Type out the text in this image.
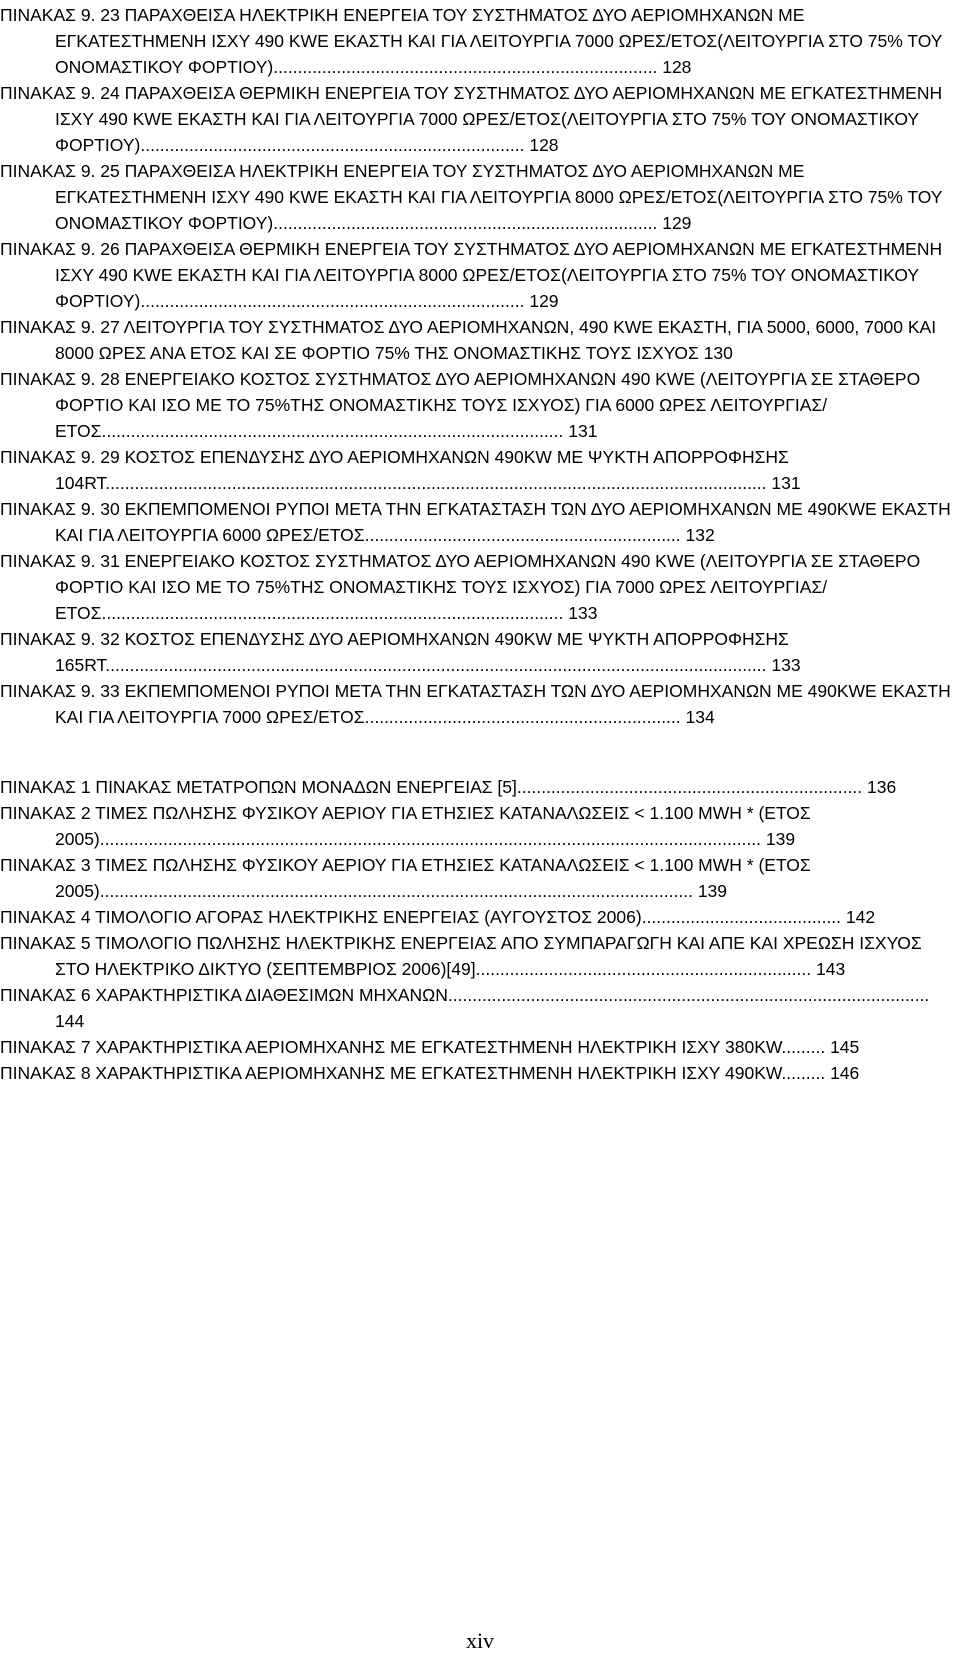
ΠΙΝΑΚΑΣ 9. 23 ΠΑΡΑΧΘΕΙΣΑ ΗΛΕΚΤΡΙΚΗ ΕΝΕΡΓΕΙΑ ΤΟΥ ΣΥΣΤΗΜΑΤΟΣ ΔΥΟ ΑΕΡΙΟΜΗΧΑΝΩΝ ΜΕ ΕΓΚΑΤΕΣΤΗΜΕΝΗ ΙΣΧΥ 490 KWE ΕΚΑΣΤΗ ΚΑΙ ΓΙΑ ΛΕΙΤΟΥΡΓΙΑ 7000 ΩΡΕΣ/ΕΤΟΣ(ΛΕΙΤΟΥΡΓΙΑ ΣΤΟ 75% ΤΟΥ ΟΝΟΜΑΣΤΙΚΟΥ ΦΟΡΤΙΟΥ)............................................................................... 128
ΠΙΝΑΚΑΣ 9. 24 ΠΑΡΑΧΘΕΙΣΑ ΘΕΡΜΙΚΗ ΕΝΕΡΓΕΙΑ ΤΟΥ ΣΥΣΤΗΜΑΤΟΣ ΔΥΟ ΑΕΡΙΟΜΗΧΑΝΩΝ ΜΕ ΕΓΚΑΤΕΣΤΗΜΕΝΗ ΙΣΧΥ 490 KWE ΕΚΑΣΤΗ ΚΑΙ ΓΙΑ ΛΕΙΤΟΥΡΓΙΑ 7000 ΩΡΕΣ/ΕΤΟΣ(ΛΕΙΤΟΥΡΓΙΑ ΣΤΟ 75% ΤΟΥ ΟΝΟΜΑΣΤΙΚΟΥ ΦΟΡΤΙΟΥ)............................................................................... 128
ΠΙΝΑΚΑΣ 9. 25 ΠΑΡΑΧΘΕΙΣΑ ΗΛΕΚΤΡΙΚΗ ΕΝΕΡΓΕΙΑ ΤΟΥ ΣΥΣΤΗΜΑΤΟΣ ΔΥΟ ΑΕΡΙΟΜΗΧΑΝΩΝ ΜΕ ΕΓΚΑΤΕΣΤΗΜΕΝΗ ΙΣΧΥ 490 KWE ΕΚΑΣΤΗ ΚΑΙ ΓΙΑ ΛΕΙΤΟΥΡΓΙΑ 8000 ΩΡΕΣ/ΕΤΟΣ(ΛΕΙΤΟΥΡΓΙΑ ΣΤΟ 75% ΤΟΥ ΟΝΟΜΑΣΤΙΚΟΥ ΦΟΡΤΙΟΥ)............................................................................... 129
ΠΙΝΑΚΑΣ 9. 26 ΠΑΡΑΧΘΕΙΣΑ ΘΕΡΜΙΚΗ ΕΝΕΡΓΕΙΑ ΤΟΥ ΣΥΣΤΗΜΑΤΟΣ ΔΥΟ ΑΕΡΙΟΜΗΧΑΝΩΝ ΜΕ ΕΓΚΑΤΕΣΤΗΜΕΝΗ ΙΣΧΥ 490 KWE ΕΚΑΣΤΗ ΚΑΙ ΓΙΑ ΛΕΙΤΟΥΡΓΙΑ 8000 ΩΡΕΣ/ΕΤΟΣ(ΛΕΙΤΟΥΡΓΙΑ ΣΤΟ 75% ΤΟΥ ΟΝΟΜΑΣΤΙΚΟΥ ΦΟΡΤΙΟΥ)............................................................................... 129
ΠΙΝΑΚΑΣ 9. 27 ΛΕΙΤΟΥΡΓΙΑ ΤΟΥ ΣΥΣΤΗΜΑΤΟΣ ΔΥΟ ΑΕΡΙΟΜΗΧΑΝΩΝ, 490 KWE ΕΚΑΣΤΗ, ΓΙΑ 5000, 6000, 7000 ΚΑΙ 8000 ΩΡΕΣ ΑΝΑ ΕΤΟΣ ΚΑΙ ΣΕ ΦΟΡΤΙΟ 75% ΤΗΣ ΟΝΟΜΑΣΤΙΚΗΣ ΤΟΥΣ ΙΣΧΥΟΣ 130
ΠΙΝΑΚΑΣ 9. 28 ΕΝΕΡΓΕΙΑΚΟ ΚΟΣΤΟΣ ΣΥΣΤΗΜΑΤΟΣ ΔΥΟ ΑΕΡΙΟΜΗΧΑΝΩΝ 490 KWE (ΛΕΙΤΟΥΡΓΙΑ ΣΕ ΣΤΑΘΕΡΟ ΦΟΡΤΙΟ ΚΑΙ ΙΣΟ ΜΕ ΤΟ 75%ΤΗΣ ΟΝΟΜΑΣΤΙΚΗΣ ΤΟΥΣ ΙΣΧΥΟΣ) ΓΙΑ 6000 ΩΡΕΣ ΛΕΙΤΟΥΡΓΙΑΣ/ΕΤΟΣ............................................................................................... 131
ΠΙΝΑΚΑΣ 9. 29 ΚΟΣΤΟΣ ΕΠΕΝΔΥΣΗΣ ΔΥΟ ΑΕΡΙΟΜΗΧΑΝΩΝ 490KW ΜΕ ΨΥΚΤΗ ΑΠΟΡΡΟΦΗΣΗΣ 104RT........................................................................................................................................ 131
ΠΙΝΑΚΑΣ 9. 30 ΕΚΠΕΜΠΟΜΕΝΟΙ ΡΥΠΟΙ ΜΕΤΑ ΤΗΝ ΕΓΚΑΤΑΣΤΑΣΗ ΤΩΝ ΔΥΟ ΑΕΡΙΟΜΗΧΑΝΩΝ ΜΕ 490KWE ΕΚΑΣΤΗ ΚΑΙ ΓΙΑ ΛΕΙΤΟΥΡΓΙΑ 6000 ΩΡΕΣ/ΕΤΟΣ................................................................. 132
ΠΙΝΑΚΑΣ 9. 31 ΕΝΕΡΓΕΙΑΚΟ ΚΟΣΤΟΣ ΣΥΣΤΗΜΑΤΟΣ ΔΥΟ ΑΕΡΙΟΜΗΧΑΝΩΝ 490 KWE (ΛΕΙΤΟΥΡΓΙΑ ΣΕ ΣΤΑΘΕΡΟ ΦΟΡΤΙΟ ΚΑΙ ΙΣΟ ΜΕ ΤΟ 75%ΤΗΣ ΟΝΟΜΑΣΤΙΚΗΣ ΤΟΥΣ ΙΣΧΥΟΣ) ΓΙΑ 7000 ΩΡΕΣ ΛΕΙΤΟΥΡΓΙΑΣ/ΕΤΟΣ............................................................................................... 133
ΠΙΝΑΚΑΣ 9. 32 ΚΟΣΤΟΣ ΕΠΕΝΔΥΣΗΣ ΔΥΟ ΑΕΡΙΟΜΗΧΑΝΩΝ 490KW ΜΕ ΨΥΚΤΗ ΑΠΟΡΡΟΦΗΣΗΣ 165RT........................................................................................................................................ 133
ΠΙΝΑΚΑΣ 9. 33 ΕΚΠΕΜΠΟΜΕΝΟΙ ΡΥΠΟΙ ΜΕΤΑ ΤΗΝ ΕΓΚΑΤΑΣΤΑΣΗ ΤΩΝ ΔΥΟ ΑΕΡΙΟΜΗΧΑΝΩΝ ΜΕ 490KWE ΕΚΑΣΤΗ ΚΑΙ ΓΙΑ ΛΕΙΤΟΥΡΓΙΑ 7000 ΩΡΕΣ/ΕΤΟΣ................................................................. 134
ΠΙΝΑΚΑΣ 1 ΠΙΝΑΚΑΣ ΜΕΤΑΤΡΟΠΩΝ ΜΟΝΑΔΩΝ ΕΝΕΡΓΕΙΑΣ [5]....................................................................... 136
ΠΙΝΑΚΑΣ 2 ΤΙΜΕΣ ΠΩΛΗΣΗΣ ΦΥΣΙΚΟΥ ΑΕΡΙΟΥ ΓΙΑ ΕΤΗΣΙΕΣ ΚΑΤΑΝΑΛΩΣΕΙΣ < 1.100 MWH * (ΕΤΟΣ 2005)........................................................................................................................................ 139
ΠΙΝΑΚΑΣ 3 ΤΙΜΕΣ ΠΩΛΗΣΗΣ ΦΥΣΙΚΟΥ ΑΕΡΙΟΥ ΓΙΑ ΕΤΗΣΙΕΣ ΚΑΤΑΝΑΛΩΣΕΙΣ < 1.100 MWH * (ΕΤΟΣ 2005).......................................................................................................................... 139
ΠΙΝΑΚΑΣ 4 ΤΙΜΟΛΟΓΙΟ ΑΓΟΡΑΣ ΗΛΕΚΤΡΙΚΗΣ ΕΝΕΡΓΕΙΑΣ (ΑΥΓΟΥΣΤΟΣ 2006)......................................... 142
ΠΙΝΑΚΑΣ 5 ΤΙΜΟΛΟΓΙΟ ΠΩΛΗΣΗΣ ΗΛΕΚΤΡΙΚΗΣ ΕΝΕΡΓΕΙΑΣ ΑΠΟ ΣΥΜΠΑΡΑΓΩΓΗ ΚΑΙ ΑΠΕ ΚΑΙ ΧΡΕΩΣΗ ΙΣΧΥΟΣ ΣΤΟ ΗΛΕΚΤΡΙΚΟ ΔΙΚΤΥΟ (ΣΕΠΤΕΜΒΡΙΟΣ 2006)[49]..................................................................... 143
ΠΙΝΑΚΑΣ 6 ΧΑΡΑΚΤΗΡΙΣΤΙΚΑ ΔΙΑΘΕΣΙΜΩΝ ΜΗΧΑΝΩΝ................................................................................................... 144
ΠΙΝΑΚΑΣ 7 ΧΑΡΑΚΤΗΡΙΣΤΙΚΑ ΑΕΡΙΟΜΗΧΑΝΗΣ ΜΕ ΕΓΚΑΤΕΣΤΗΜΕΝΗ ΗΛΕΚΤΡΙΚΗ ΙΣΧΥ 380KW......... 145
ΠΙΝΑΚΑΣ 8 ΧΑΡΑΚΤΗΡΙΣΤΙΚΑ ΑΕΡΙΟΜΗΧΑΝΗΣ ΜΕ ΕΓΚΑΤΕΣΤΗΜΕΝΗ ΗΛΕΚΤΡΙΚΗ ΙΣΧΥ 490KW......... 146
xiv
